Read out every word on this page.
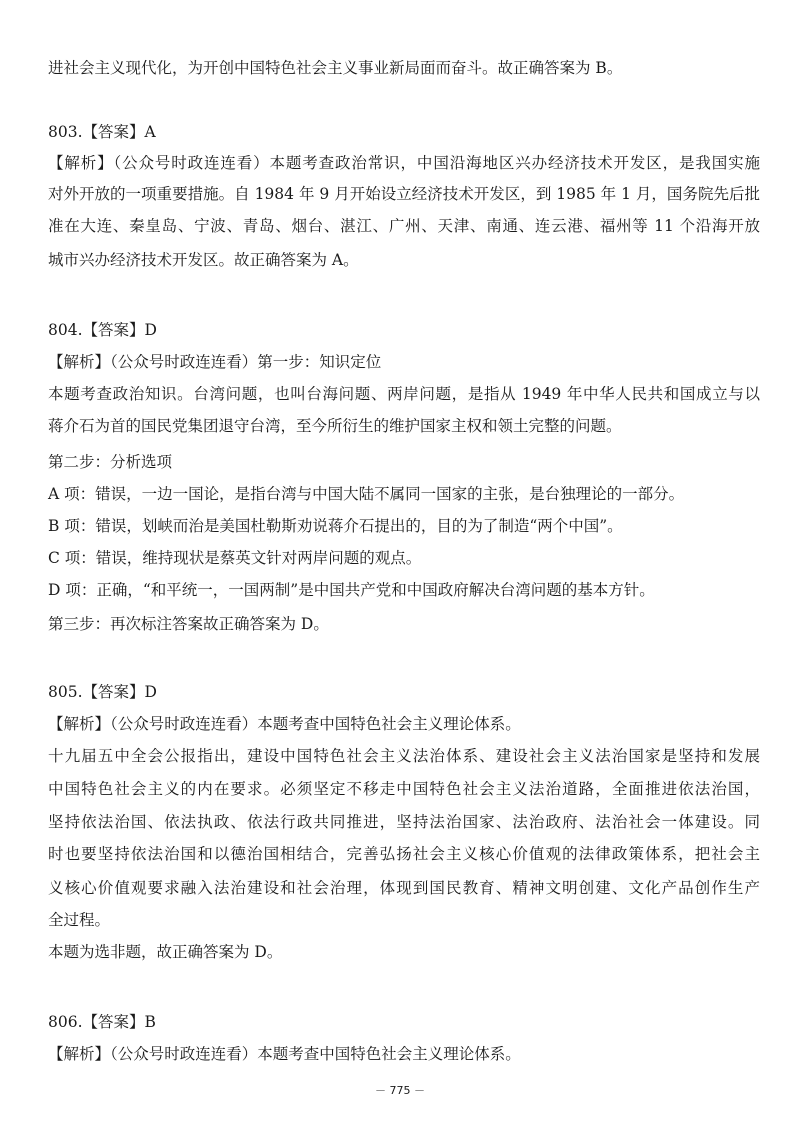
进社会主义现代化，为开创中国特色社会主义事业新局面而奋斗。故正确答案为 B。
803.【答案】A
【解析】（公众号时政连连看）本题考查政治常识，中国沿海地区兴办经济技术开发区，是我国实施
对外开放的一项重要措施。自 1984 年 9 月开始设立经济技术开发区，到 1985 年 1 月，国务院先后批
准在大连、秦皇岛、宁波、青岛、烟台、湛江、广州、天津、南通、连云港、福州等 11 个沿海开放
城市兴办经济技术开发区。故正确答案为 A。
804.【答案】D
【解析】（公众号时政连连看）第一步：知识定位
本题考查政治知识。台湾问题，也叫台海问题、两岸问题，是指从 1949 年中华人民共和国成立与以
蒋介石为首的国民党集团退守台湾，至今所衍生的维护国家主权和领土完整的问题。
第二步：分析选项
A 项：错误，一边一国论，是指台湾与中国大陆不属同一国家的主张，是台独理论的一部分。
B 项：错误，划峡而治是美国杜勒斯劝说蒋介石提出的，目的为了制造“两个中国”。
C 项：错误，维持现状是蔡英文针对两岸问题的观点。
D 项：正确，“和平统一，一国两制”是中国共产党和中国政府解决台湾问题的基本方针。
第三步：再次标注答案故正确答案为 D。
805.【答案】D
【解析】（公众号时政连连看）本题考查中国特色社会主义理论体系。
十九届五中全会公报指出，建设中国特色社会主义法治体系、建设社会主义法治国家是坚持和发展
中国特色社会主义的内在要求。必须坚定不移走中国特色社会主义法治道路，全面推进依法治国，
坚持依法治国、依法执政、依法行政共同推进，坚持法治国家、法治政府、法治社会一体建设。同
时也要坚持依法治国和以德治国相结合，完善弘扬社会主义核心价值观的法律政策体系，把社会主
义核心价值观要求融入法治建设和社会治理，体现到国民教育、精神文明创建、文化产品创作生产
全过程。
本题为选非题，故正确答案为 D。
806.【答案】B
【解析】（公众号时政连连看）本题考查中国特色社会主义理论体系。
－ 775 －
